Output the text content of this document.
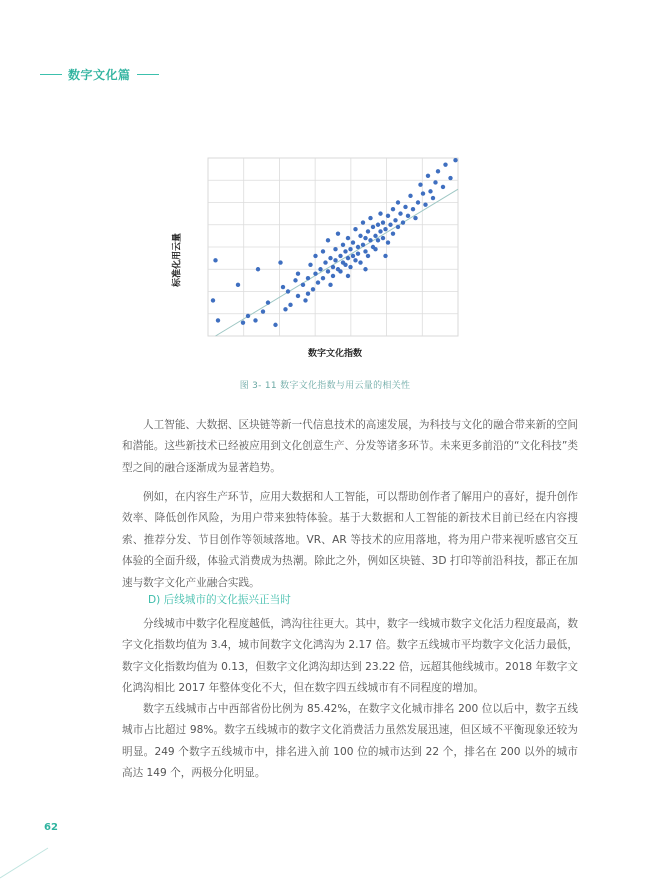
数字文化篇
标准化用云量
数字文化指数
图 3- 11 数字文化指数与用云量的相关性
人工智能、大数据、区块链等新一代信息技术的高速发展，为科技与文化的融合带来新的空间和潜能。这些新技术已经被应用到文化创意生产、分发等诸多环节。未来更多前沿的“文化科技”类型之间的融合逐渐成为显著趋势。
例如，在内容生产环节，应用大数据和人工智能，可以帮助创作者了解用户的喜好，提升创作效率、降低创作风险，为用户带来独特体验。基于大数据和人工智能的新技术目前已经在内容搜索、推荐分发、节目创作等领域落地。VR、AR 等技术的应用落地，将为用户带来视听感官交互体验的全面升级，体验式消费成为热潮。除此之外，例如区块链、3D 打印等前沿科技，都正在加速与数字文化产业融合实践。
D) 后线城市的文化振兴正当时
分线城市中数字化程度越低，鸿沟往往更大。其中，数字一线城市数字文化活力程度最高，数字文化指数均值为 3.4，城市间数字文化鸿沟为 2.17 倍。数字五线城市平均数字文化活力最低，数字文化指数均值为 0.13，但数字文化鸿沟却达到 23.22 倍，远超其他线城市。2018 年数字文化鸿沟相比 2017 年整体变化不大，但在数字四五线城市有不同程度的增加。
数字五线城市占中西部省份比例为 85.42%，在数字文化城市排名 200 位以后中，数字五线城市占比超过 98%。数字五线城市的数字文化消费活力虽然发展迅速，但区域不平衡现象还较为明显。249 个数字五线城市中，排名进入前 100 位的城市达到 22 个，排名在 200 以外的城市高达 149 个，两极分化明显。
62
